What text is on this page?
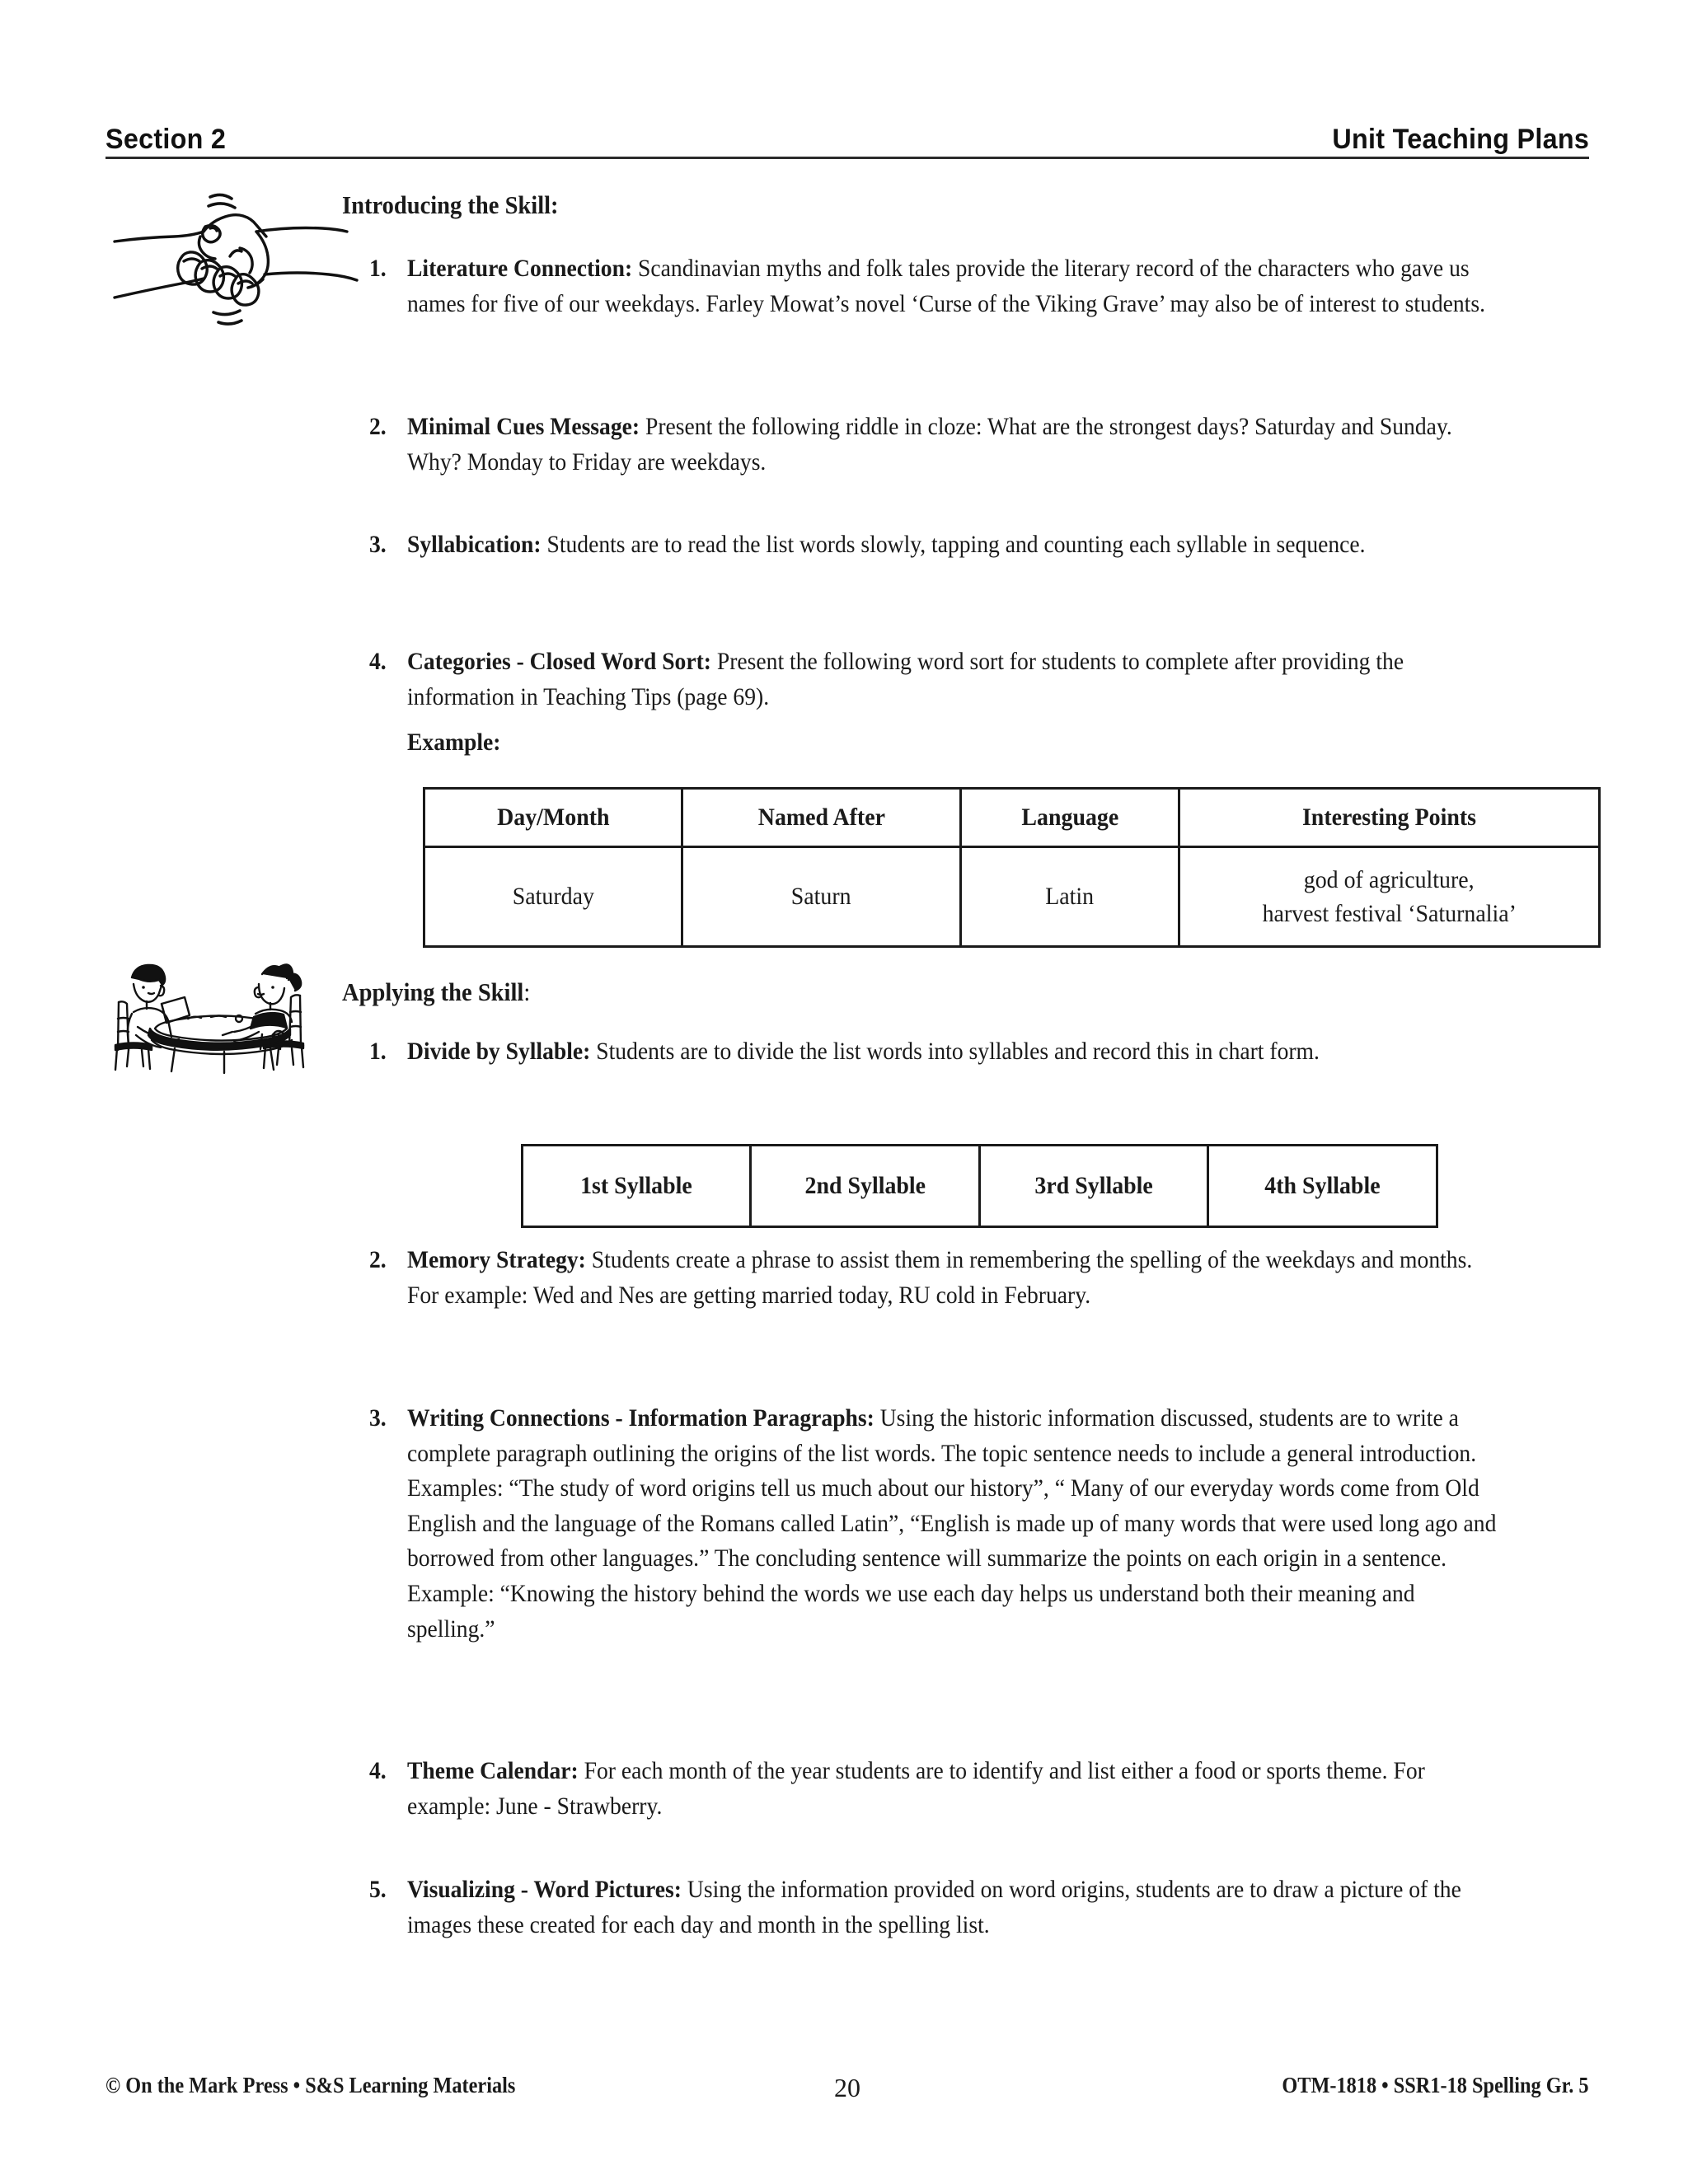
Section 2	Unit Teaching Plans
Introducing the Skill:
1. Literature Connection: Scandinavian myths and folk tales provide the literary record of the characters who gave us names for five of our weekdays. Farley Mowat’s novel ‘Curse of the Viking Grave’ may also be of interest to students.
2. Minimal Cues Message: Present the following riddle in cloze: What are the strongest days? Saturday and Sunday. Why? Monday to Friday are weekdays.
3. Syllabication: Students are to read the list words slowly, tapping and counting each syllable in sequence.
4. Categories - Closed Word Sort: Present the following word sort for students to complete after providing the information in Teaching Tips (page 69).
Example:
Day/Month	Named After	Language	Interesting Points
Saturday	Saturn	Latin	god of agriculture,
harvest festival ‘Saturnalia’
Applying the Skill:
1. Divide by Syllable: Students are to divide the list words into syllables and record this in chart form.
1st Syllable	2nd Syllable	3rd Syllable	4th Syllable
2. Memory Strategy: Students create a phrase to assist them in remembering the spelling of the weekdays and months. For example: Wed and Nes are getting married today, RU cold in February.
3. Writing Connections - Information Paragraphs: Using the historic information discussed, students are to write a complete paragraph outlining the origins of the list words. The topic sentence needs to include a general introduction. Examples: “The study of word origins tell us much about our history”, “ Many of our everyday words come from Old English and the language of the Romans called Latin”, “English is made up of many words that were used long ago and borrowed from other languages.” The concluding sentence will summarize the points on each origin in a sentence. Example: “Knowing the history behind the words we use each day helps us understand both their meaning and spelling.”
4. Theme Calendar: For each month of the year students are to identify and list either a food or sports theme. For example: June - Strawberry.
5. Visualizing - Word Pictures: Using the information provided on word origins, students are to draw a picture of the images these created for each day and month in the spelling list.
© On the Mark Press • S&S Learning Materials	20	OTM-1818 • SSR1-18 Spelling Gr. 5
